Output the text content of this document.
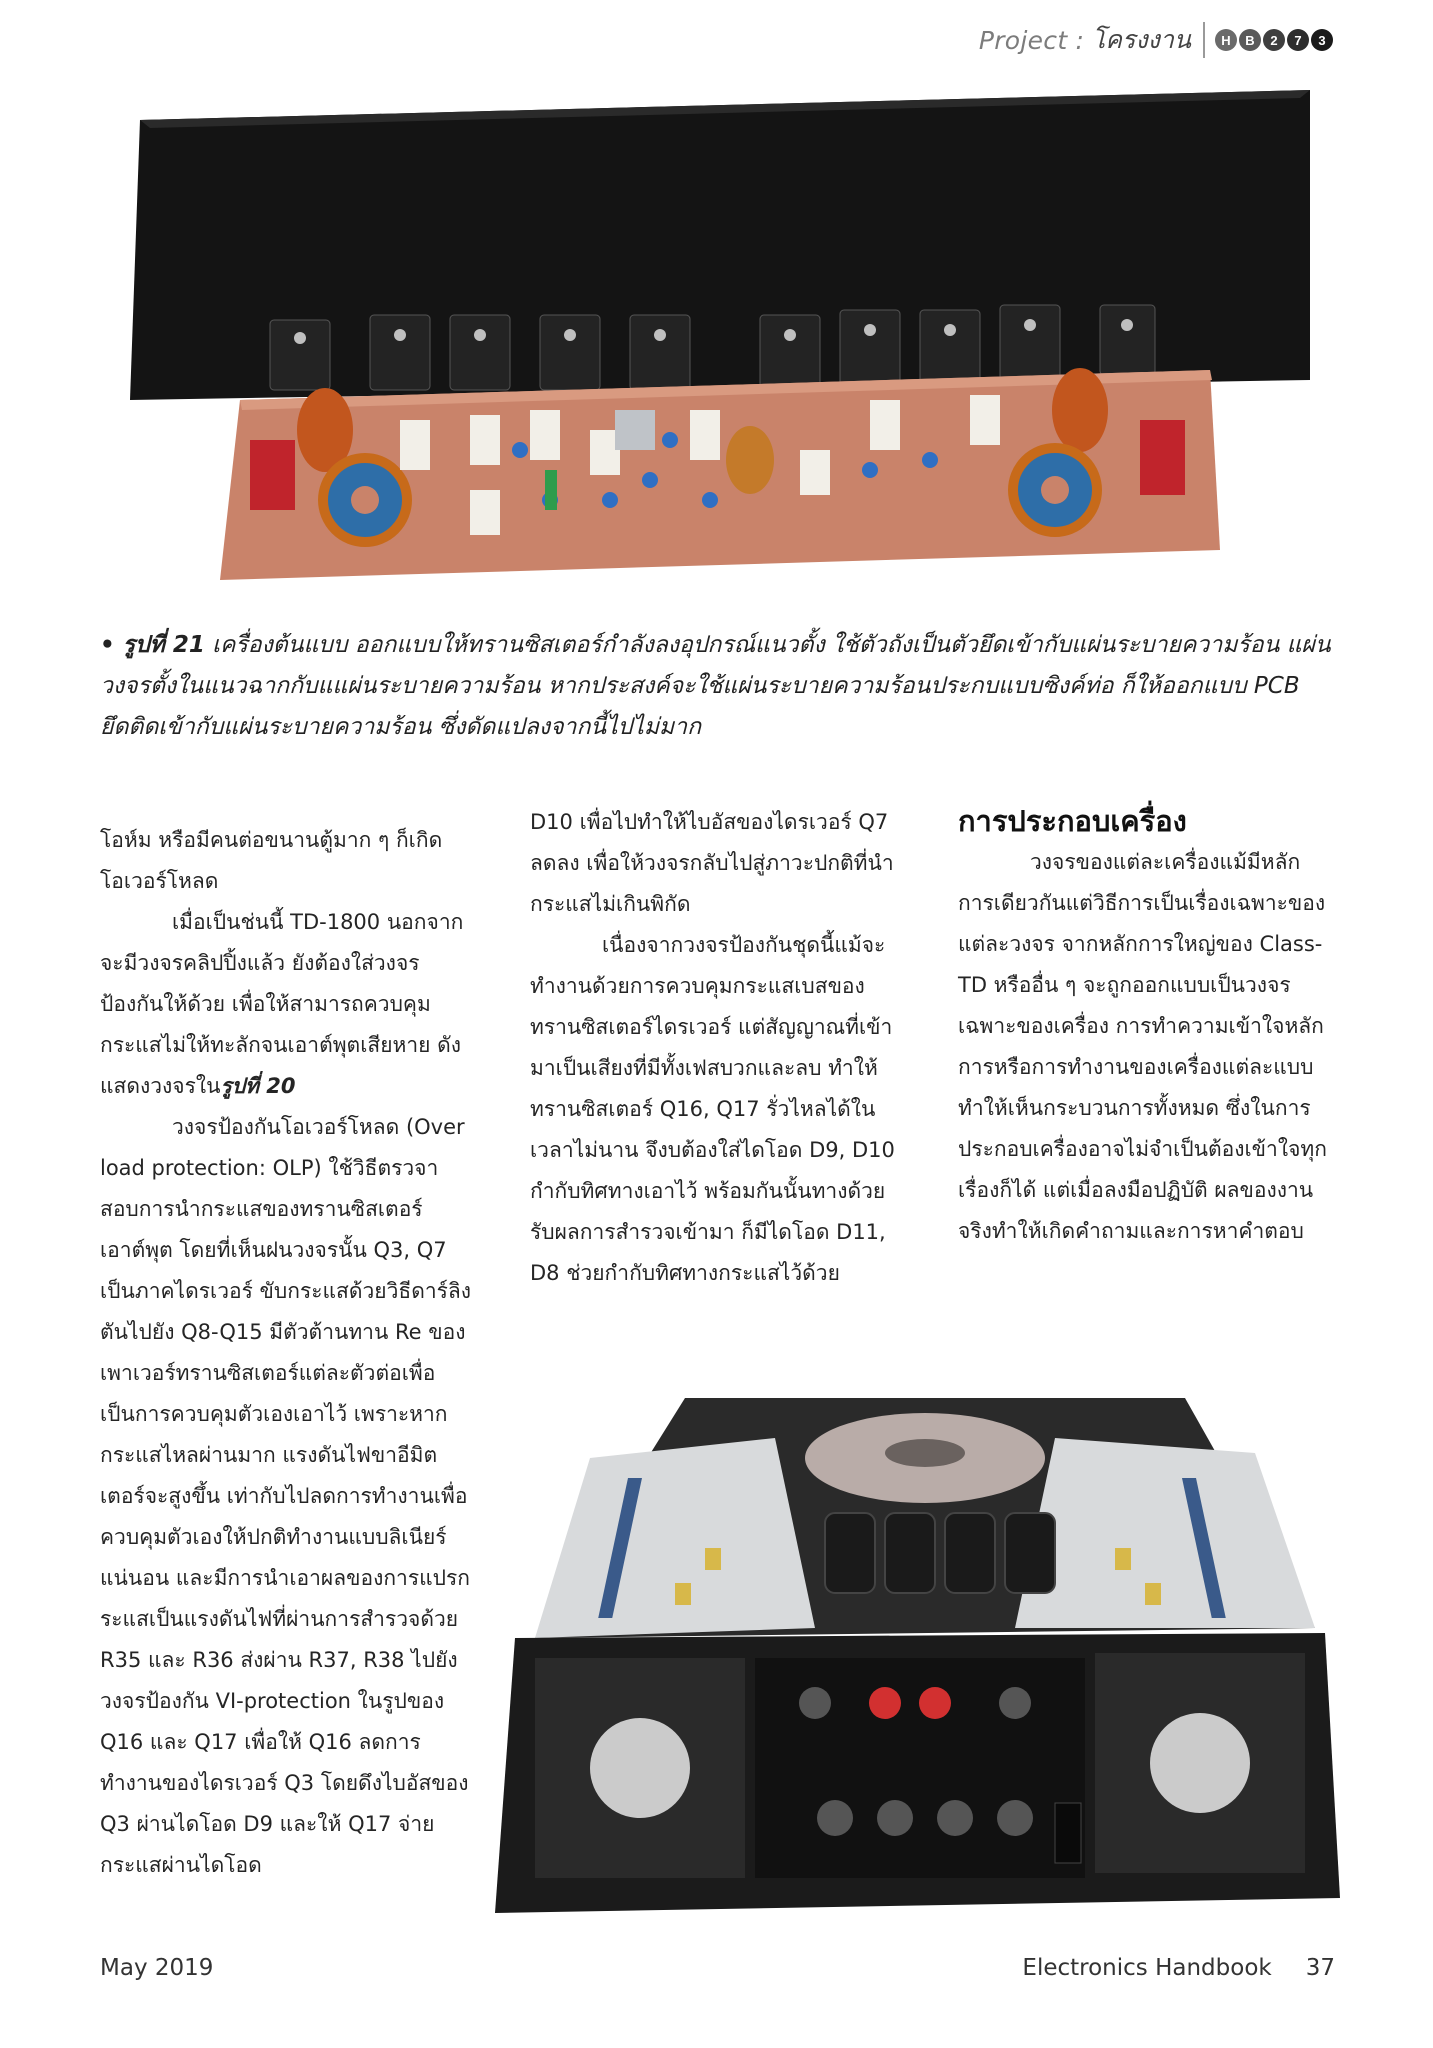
Project : โครงงาน	H	B	2	7	3
• รูปที่ 21 เครื่องต้นแบบ ออกแบบให้ทรานซิสเตอร์กำลังลงอุปกรณ์แนวตั้ง ใช้ตัวถังเป็นตัวยึดเข้ากับแผ่นระบายความร้อน แผ่นวงจรตั้งในแนวฉากกับแแผ่นระบายความร้อน หากประสงค์จะใช้แผ่นระบายความร้อนประกบแบบซิงค์ท่อ ก็ให้ออกแบบ PCB ยึดติดเข้ากับแผ่นระบายความร้อน ซึ่งดัดแปลงจากนี้ไปไม่มาก

โอห์ม หรือมีคนต่อขนานตู้มาก ๆ ก็เกิดโอเวอร์โหลด

เมื่อเป็นช่นนี้ TD-1800 นอกจากจะมีวงจรคลิปปิ้งแล้ว ยังต้องใส่วงจรป้องกันให้ด้วย เพื่อให้สามารถควบคุมกระแสไม่ให้ทะลักจนเอาต์พุตเสียหาย ดังแสดงวงจรในรูปที่ 20

วงจรป้องกันโอเวอร์โหลด (Over load protection: OLP) ใช้วิธีตรวจาสอบการนำกระแสของทรานซิสเตอร์เอาต์พุต โดยที่เห็นฝนวงจรนั้น Q3, Q7 เป็นภาคไดรเวอร์ ขับกระแสด้วยวิธีดาร์ลิงตันไปยัง Q8-Q15 มีตัวต้านทาน Re ของเพาเวอร์ทรานซิสเตอร์แต่ละตัวต่อเพื่อเป็นการควบคุมตัวเองเอาไว้ เพราะหากกระแสไหลผ่านมาก แรงดันไฟขาอีมิตเตอร์จะสูงขึ้น เท่ากับไปลดการทำงานเพื่อควบคุมตัวเองให้ปกติทำงานแบบลิเนียร์แน่นอน และมีการนำเอาผลของการแปรกระแสเป็นแรงดันไฟที่ผ่านการสำรวจด้วย R35 และ R36 ส่งผ่าน R37, R38 ไปยังวงจรป้องกัน VI-protection ในรูปของ Q16 และ Q17 เพื่อให้ Q16 ลดการทำงานของไดรเวอร์ Q3 โดยดึงไบอัสของ Q3 ผ่านไดโอด D9 และให้ Q17 จ่ายกระแสผ่านไดโอด

D10 เพื่อไปทำให้ไบอัสของไดรเวอร์ Q7 ลดลง เพื่อให้วงจรกลับไปสู่ภาวะปกติที่นำกระแสไม่เกินพิกัด

เนื่องจากวงจรป้องกันชุดนี้แม้จะทำงานด้วยการควบคุมกระแสเบสของทรานซิสเตอร์ไดรเวอร์ แต่สัญญาณที่เข้ามาเป็นเสียงที่มีทั้งเฟสบวกและลบ ทำให้ทรานซิสเตอร์ Q16, Q17 รั่วไหลได้ในเวลาไม่นาน จึงบต้องใส่ไดโอด D9, D10 กำกับทิศทางเอาไว้ พร้อมกันนั้นทางด้วยรับผลการสำรวจเข้ามา ก็มีไดโอด D11, D8 ช่วยกำกับทิศทางกระแสไว้ด้วย

การประกอบเครื่อง

วงจรของแต่ละเครื่องแม้มีหลักการเดียวกันแต่วิธีการเป็นเรื่องเฉพาะของแต่ละวงจร จากหลักการใหญ่ของ Class-TD หรืออื่น ๆ จะถูกออกแบบเป็นวงจรเฉพาะของเครื่อง การทำความเข้าใจหลักการหรือการทำงานของเครื่องแต่ละแบบ ทำให้เห็นกระบวนการทั้งหมด ซึ่งในการประกอบเครื่องอาจไม่จำเป็นต้องเข้าใจทุกเรื่องก็ได้ แต่เมื่อลงมือปฏิบัติ ผลของงานจริงทำให้เกิดคำถามและการหาคำตอบ

May 2019	Electronics Handbook 37
